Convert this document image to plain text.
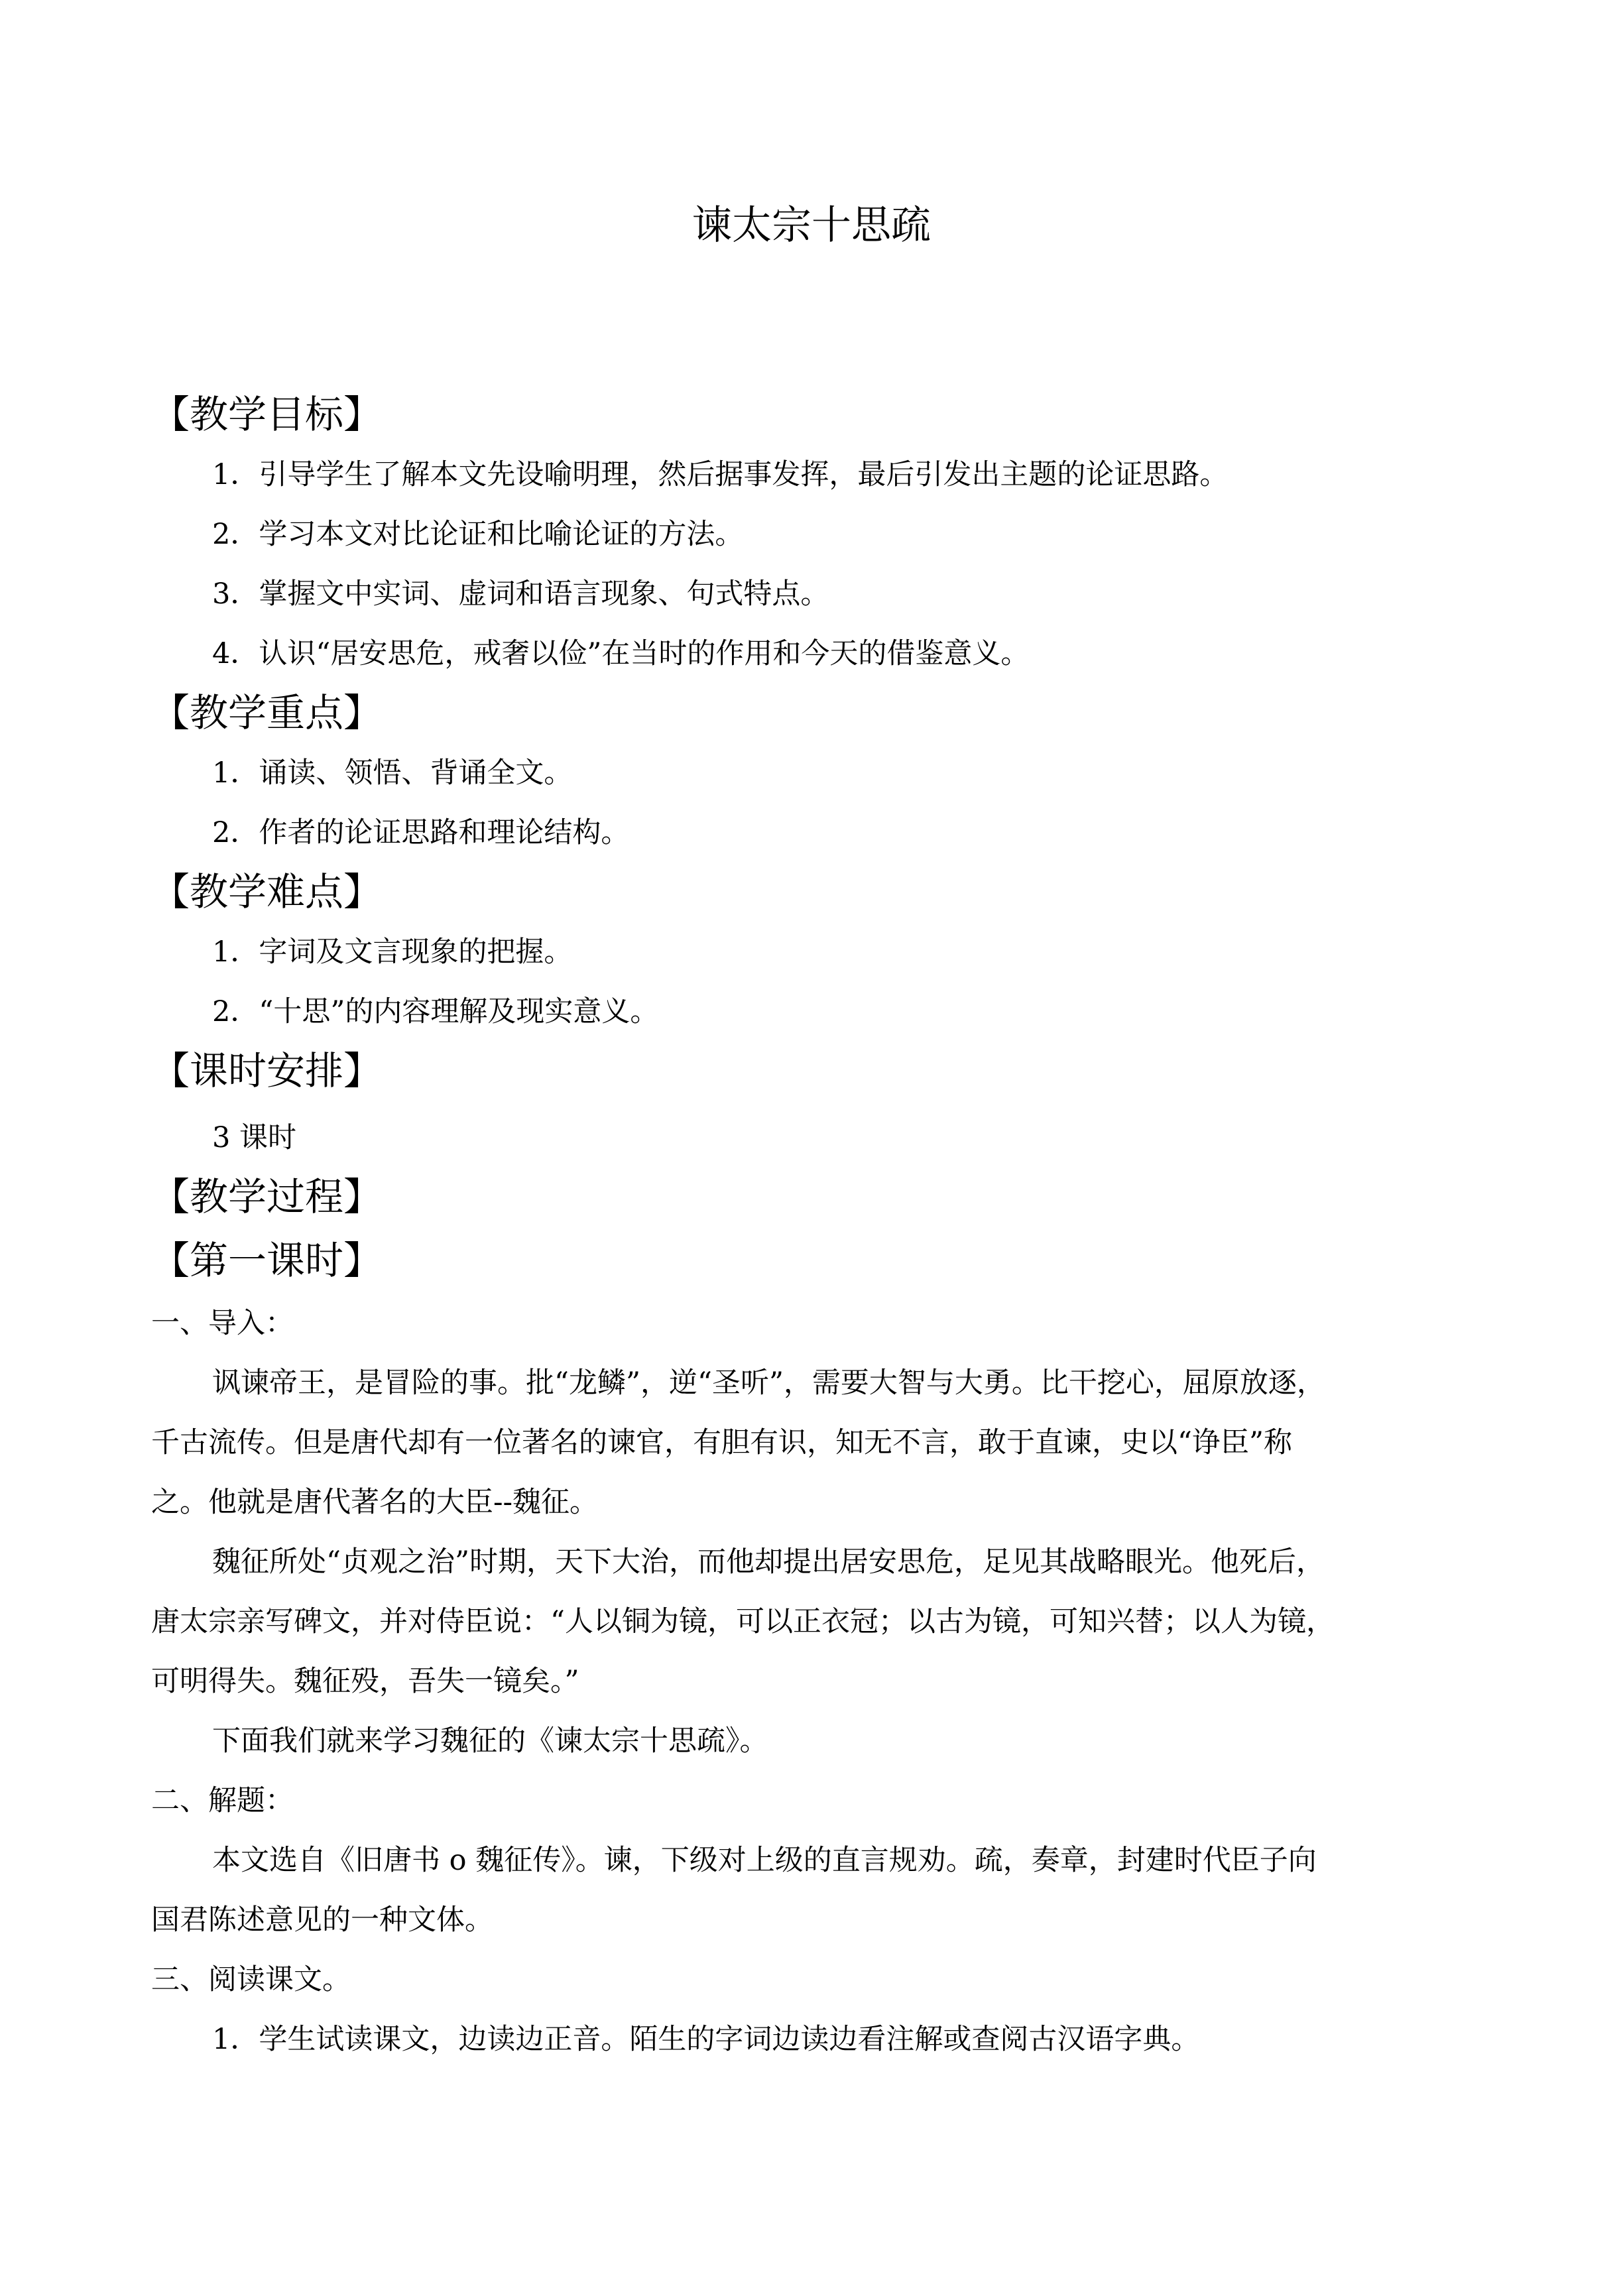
谏太宗十思疏
【教学目标】
1．引导学生了解本文先设喻明理，然后据事发挥，最后引发出主题的论证思路。
2．学习本文对比论证和比喻论证的方法。
3．掌握文中实词、虚词和语言现象、句式特点。
4．认识“居安思危，戒奢以俭”在当时的作用和今天的借鉴意义。
【教学重点】
1．诵读、领悟、背诵全文。
2．作者的论证思路和理论结构。
【教学难点】
1．字词及文言现象的把握。
2．“十思”的内容理解及现实意义。
【课时安排】
3 课时
【教学过程】
【第一课时】
一、导入：
讽谏帝王，是冒险的事。批“龙鳞”，逆“圣听”，需要大智与大勇。比干挖心，屈原放逐，
千古流传。但是唐代却有一位著名的谏官，有胆有识，知无不言，敢于直谏，史以“诤臣”称
之。他就是唐代著名的大臣--魏征。
魏征所处“贞观之治”时期，天下大治，而他却提出居安思危，足见其战略眼光。他死后，
唐太宗亲写碑文，并对侍臣说：“人以铜为镜，可以正衣冠；以古为镜，可知兴替；以人为镜，
可明得失。魏征殁，吾失一镜矣。”
下面我们就来学习魏征的《谏太宗十思疏》。
二、解题：
本文选自《旧唐书 o 魏征传》。谏，下级对上级的直言规劝。疏，奏章，封建时代臣子向
国君陈述意见的一种文体。
三、阅读课文。
1．学生试读课文，边读边正音。陌生的字词边读边看注解或查阅古汉语字典。
